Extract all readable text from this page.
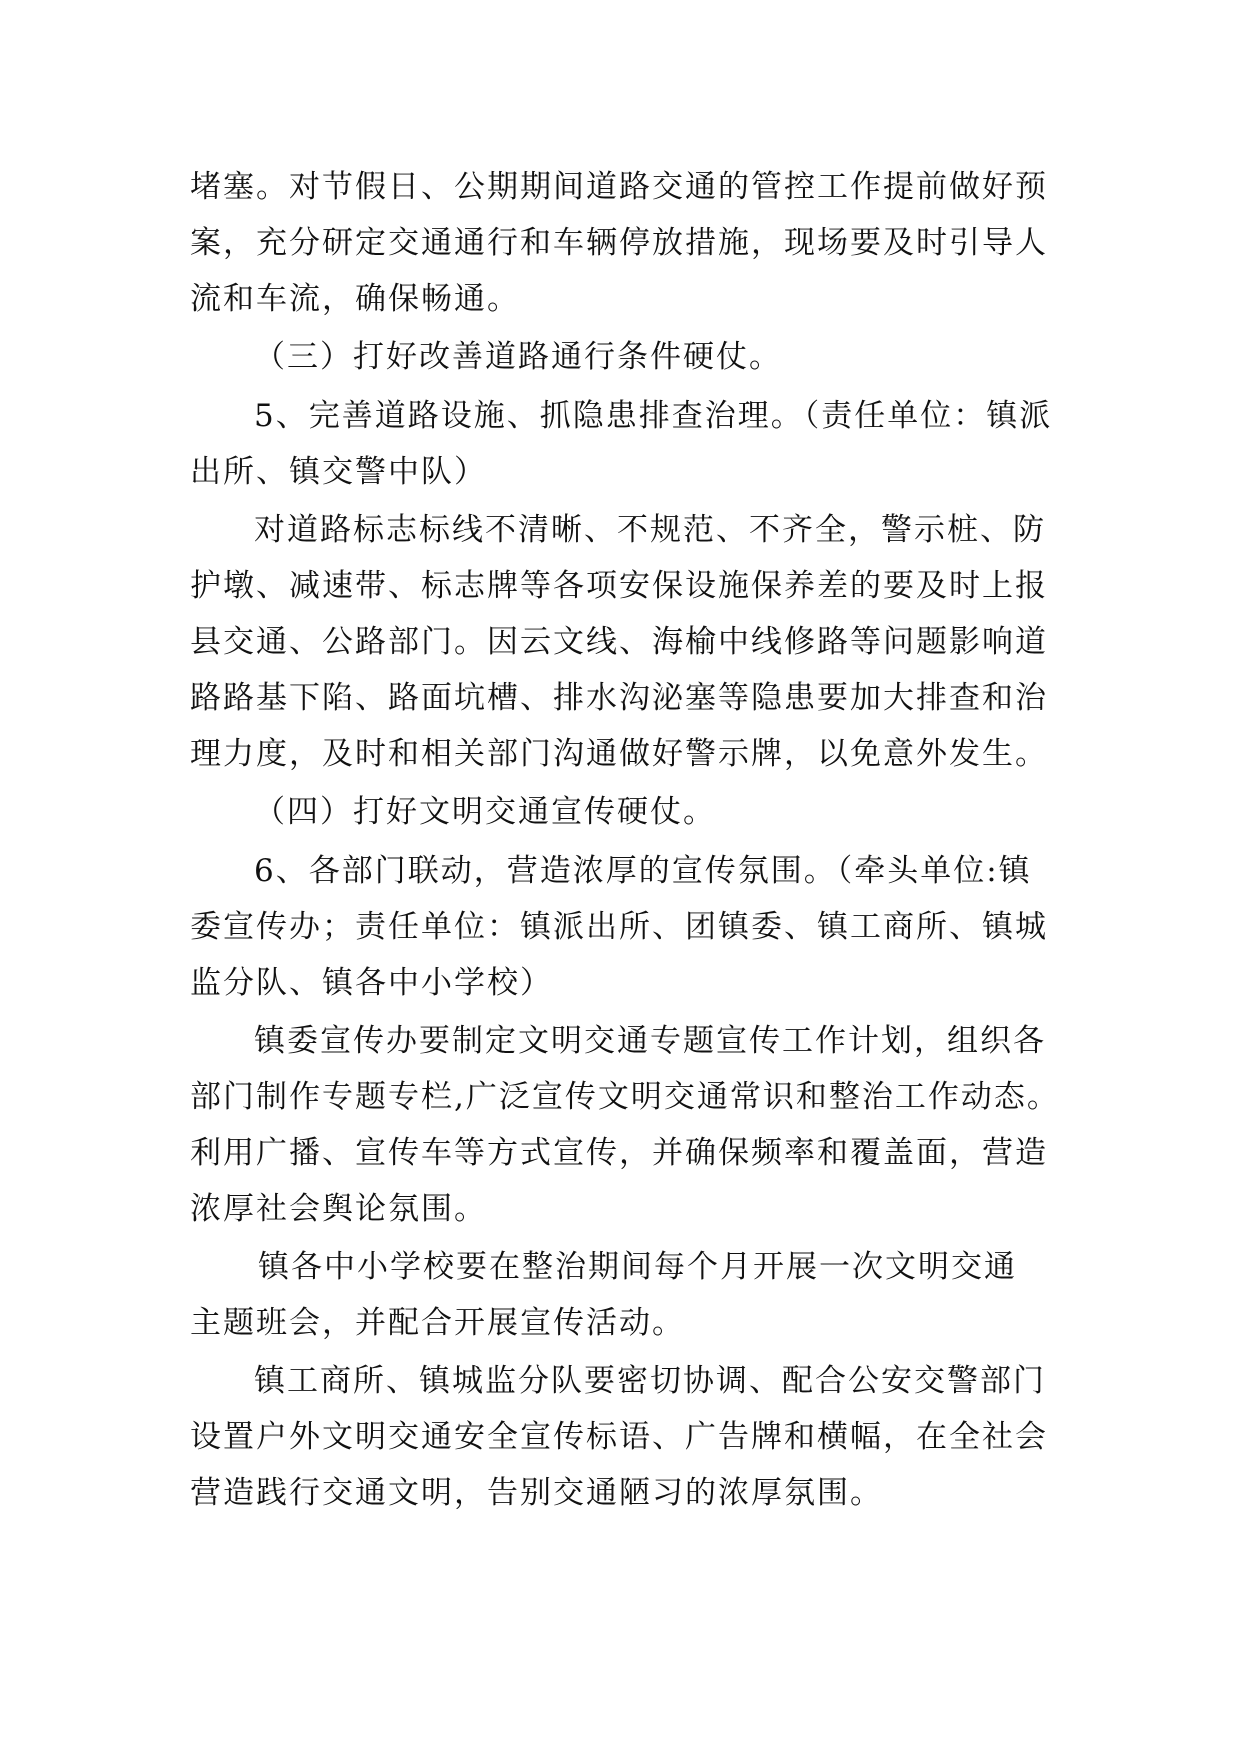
堵塞。对节假日、公期期间道路交通的管控工作提前做好预
案，充分研定交通通行和车辆停放措施，现场要及时引导人
流和车流，确保畅通。
（三）打好改善道路通行条件硬仗。
5、完善道路设施、抓隐患排查治理。（责任单位：镇派
出所、镇交警中队）
对道路标志标线不清晰、不规范、不齐全，警示桩、防
护墩、减速带、标志牌等各项安保设施保养差的要及时上报
县交通、公路部门。因云文线、海榆中线修路等问题影响道
路路基下陷、路面坑槽、排水沟泌塞等隐患要加大排查和治
理力度，及时和相关部门沟通做好警示牌，以免意外发生。
（四）打好文明交通宣传硬仗。
6、各部门联动，营造浓厚的宣传氛围。（牵头单位:镇
委宣传办；责任单位：镇派出所、团镇委、镇工商所、镇城
监分队、镇各中小学校）
镇委宣传办要制定文明交通专题宣传工作计划，组织各
部门制作专题专栏,广泛宣传文明交通常识和整治工作动态。
利用广播、宣传车等方式宣传，并确保频率和覆盖面，营造
浓厚社会舆论氛围。
镇各中小学校要在整治期间每个月开展一次文明交通
主题班会，并配合开展宣传活动。
镇工商所、镇城监分队要密切协调、配合公安交警部门
设置户外文明交通安全宣传标语、广告牌和横幅，在全社会
营造践行交通文明，告别交通陋习的浓厚氛围。
